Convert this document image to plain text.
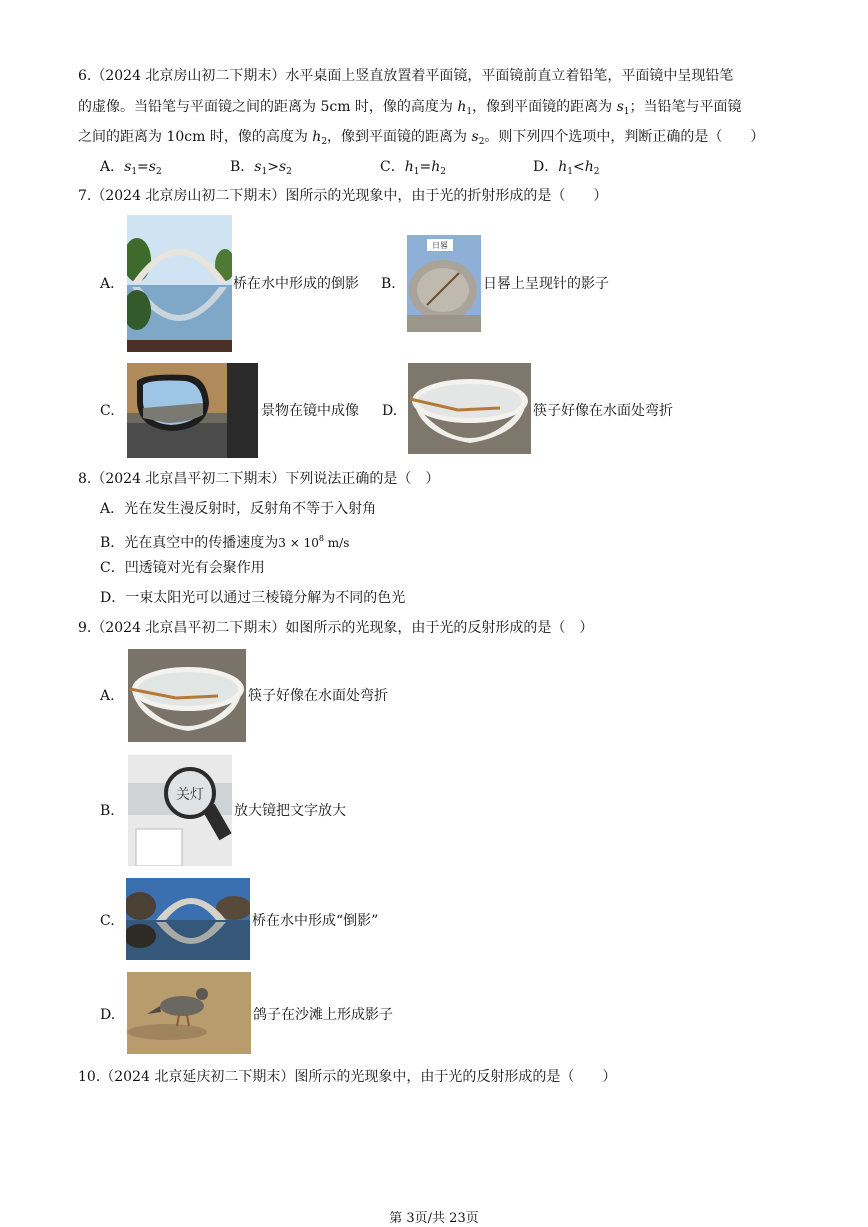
6.（2024 北京房山初二下期末）水平桌面上竖直放置着平面镜，平面镜前直立着铅笔，平面镜中呈现铅笔
的虚像。当铅笔与平面镜之间的距离为 5cm 时，像的高度为 $h_1$，像到平面镜的距离为 $s_1$；当铅笔与平面镜
之间的距离为 10cm 时，像的高度为 $h_2$，像到平面镜的距离为 $s_2$。则下列四个选项中，判断正确的是（　　）
A．$s_1=s_2$	B．$s_1>s_2$	C．$h_1=h_2$	D．$h_1<h_2$
7.（2024 北京房山初二下期末）图所示的光现象中，由于光的折射形成的是（　　）
A.	桥在水中形成的倒影 B.
日晷
日晷上呈现针的影子
C.	景物在镜中成像 D.	筷子好像在水面处弯折
8.（2024 北京昌平初二下期末）下列说法正确的是（　）
A．光在发生漫反射时，反射角不等于入射角
B．光在真空中的传播速度为$3 \times 10^8$ m/s
C．凹透镜对光有会聚作用
D．一束太阳光可以通过三棱镜分解为不同的色光
9.（2024 北京昌平初二下期末）如图所示的光现象，由于光的反射形成的是（　）
A.	筷子好像在水面处弯折
B.
关灯
放大镜把文字放大
C.	桥在水中形成“倒影”
D.	鸽子在沙滩上形成影子
10.（2024 北京延庆初二下期末）图所示的光现象中，由于光的反射形成的是（　　）
第 3页/共 23页
